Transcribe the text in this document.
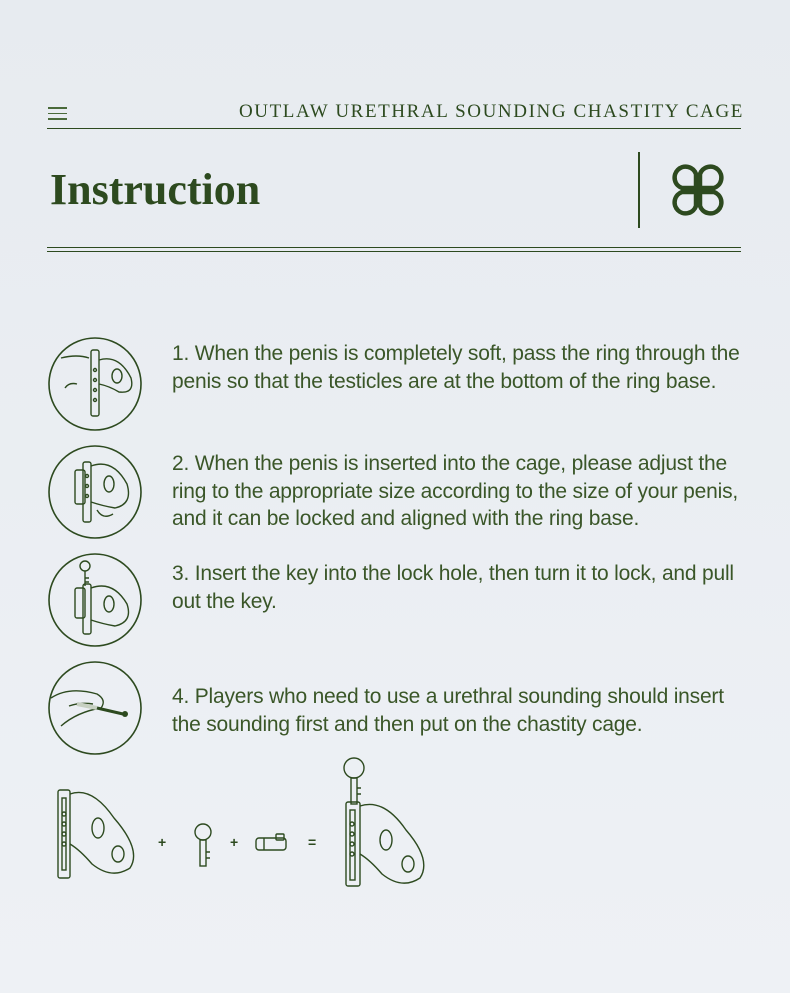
OUTLAW URETHRAL SOUNDING CHASTITY CAGE
Instruction

1. When the penis is completely soft, pass the ring through the penis so that the testicles are at the bottom of the ring base.

2. When the penis is inserted into the cage, please adjust the ring to the appropriate size according to the size of your penis, and it can be locked and aligned with the ring base.

3. Insert the key into the lock hole, then turn it to lock, and pull out the key.

4. Players who need to use a urethral sounding should insert the sounding first and then put on the chastity cage.

+	+	=
